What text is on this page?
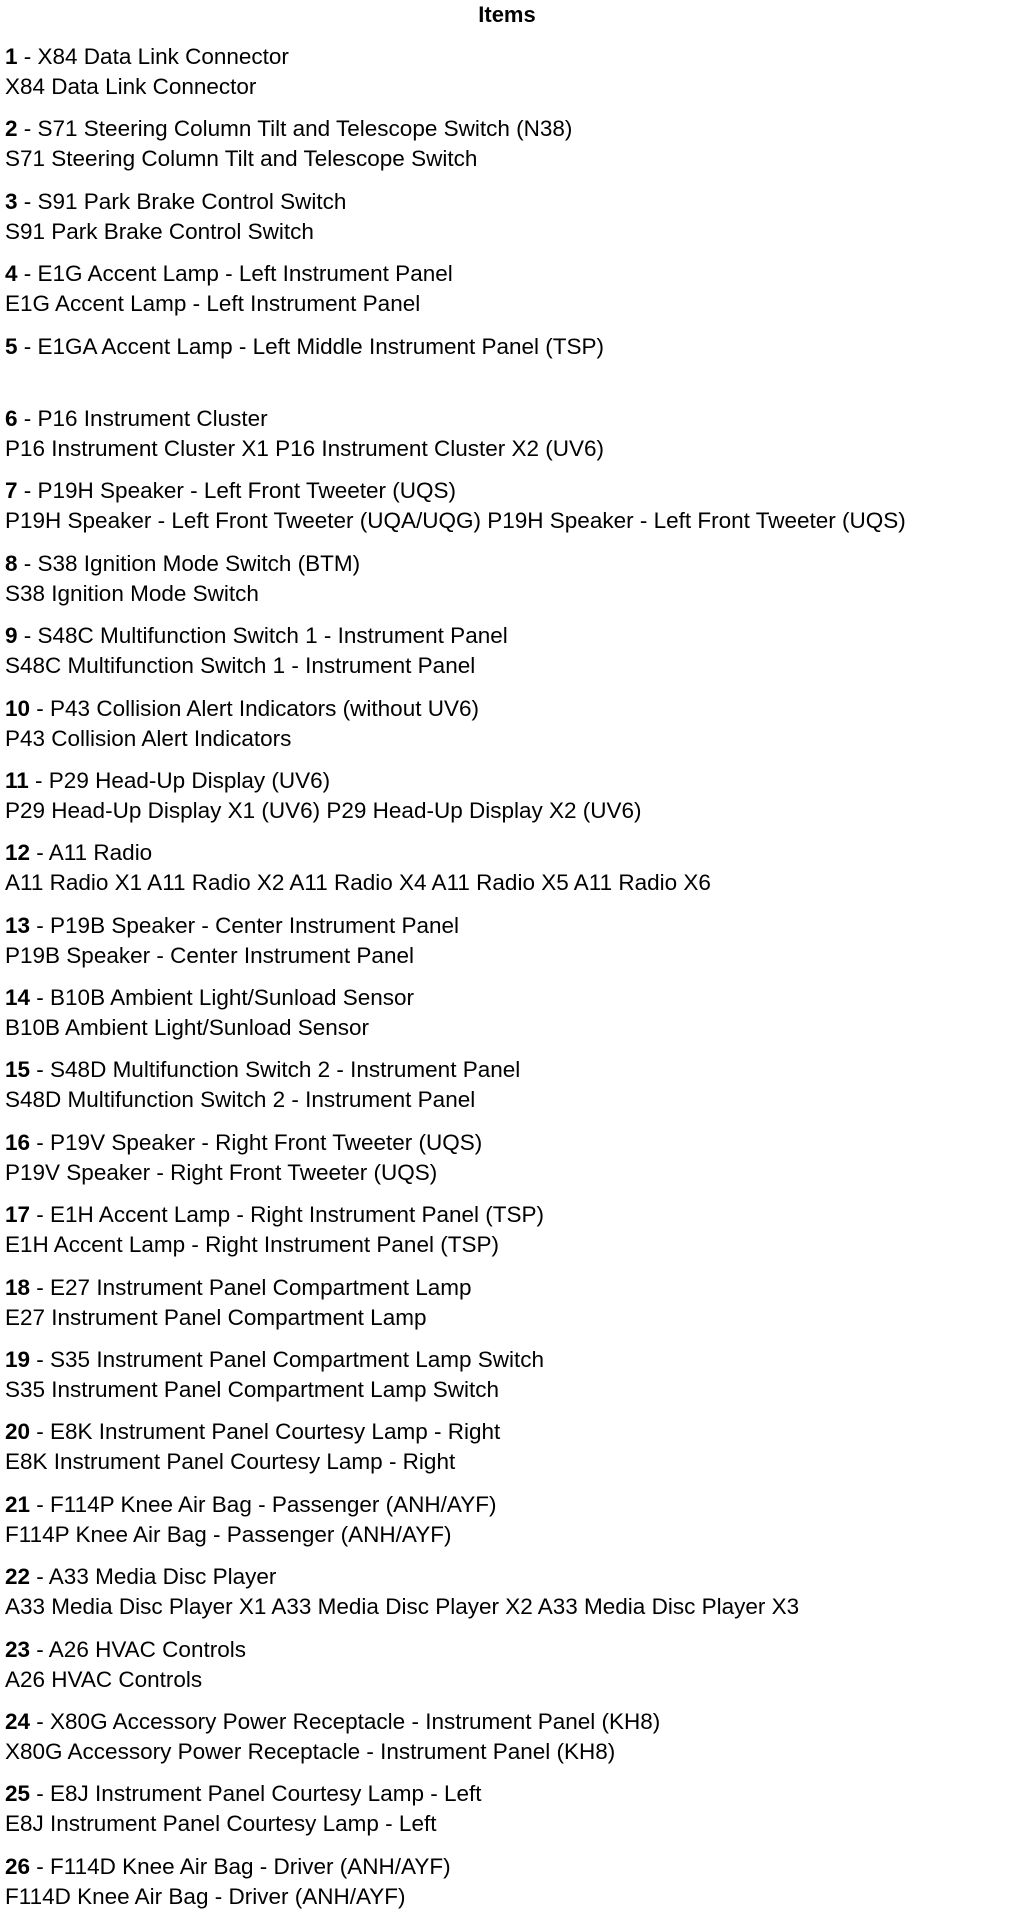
Items
1 - X84 Data Link Connector
X84 Data Link Connector
2 - S71 Steering Column Tilt and Telescope Switch (N38)
S71 Steering Column Tilt and Telescope Switch
3 - S91 Park Brake Control Switch
S91 Park Brake Control Switch
4 - E1G Accent Lamp - Left Instrument Panel
E1G Accent Lamp - Left Instrument Panel
5 - E1GA Accent Lamp - Left Middle Instrument Panel (TSP)
6 - P16 Instrument Cluster
P16 Instrument Cluster X1 P16 Instrument Cluster X2 (UV6)
7 - P19H Speaker - Left Front Tweeter (UQS)
P19H Speaker - Left Front Tweeter (UQA/UQG) P19H Speaker - Left Front Tweeter (UQS)
8 - S38 Ignition Mode Switch (BTM)
S38 Ignition Mode Switch
9 - S48C Multifunction Switch 1 - Instrument Panel
S48C Multifunction Switch 1 - Instrument Panel
10 - P43 Collision Alert Indicators (without UV6)
P43 Collision Alert Indicators
11 - P29 Head-Up Display (UV6)
P29 Head-Up Display X1 (UV6) P29 Head-Up Display X2 (UV6)
12 - A11 Radio
A11 Radio X1 A11 Radio X2 A11 Radio X4 A11 Radio X5 A11 Radio X6
13 - P19B Speaker - Center Instrument Panel
P19B Speaker - Center Instrument Panel
14 - B10B Ambient Light/Sunload Sensor
B10B Ambient Light/Sunload Sensor
15 - S48D Multifunction Switch 2 - Instrument Panel
S48D Multifunction Switch 2 - Instrument Panel
16 - P19V Speaker - Right Front Tweeter (UQS)
P19V Speaker - Right Front Tweeter (UQS)
17 - E1H Accent Lamp - Right Instrument Panel (TSP)
E1H Accent Lamp - Right Instrument Panel (TSP)
18 - E27 Instrument Panel Compartment Lamp
E27 Instrument Panel Compartment Lamp
19 - S35 Instrument Panel Compartment Lamp Switch
S35 Instrument Panel Compartment Lamp Switch
20 - E8K Instrument Panel Courtesy Lamp - Right
E8K Instrument Panel Courtesy Lamp - Right
21 - F114P Knee Air Bag - Passenger (ANH/AYF)
F114P Knee Air Bag - Passenger (ANH/AYF)
22 - A33 Media Disc Player
A33 Media Disc Player X1 A33 Media Disc Player X2 A33 Media Disc Player X3
23 - A26 HVAC Controls
A26 HVAC Controls
24 - X80G Accessory Power Receptacle - Instrument Panel (KH8)
X80G Accessory Power Receptacle - Instrument Panel (KH8)
25 - E8J Instrument Panel Courtesy Lamp - Left
E8J Instrument Panel Courtesy Lamp - Left
26 - F114D Knee Air Bag - Driver (ANH/AYF)
F114D Knee Air Bag - Driver (ANH/AYF)
